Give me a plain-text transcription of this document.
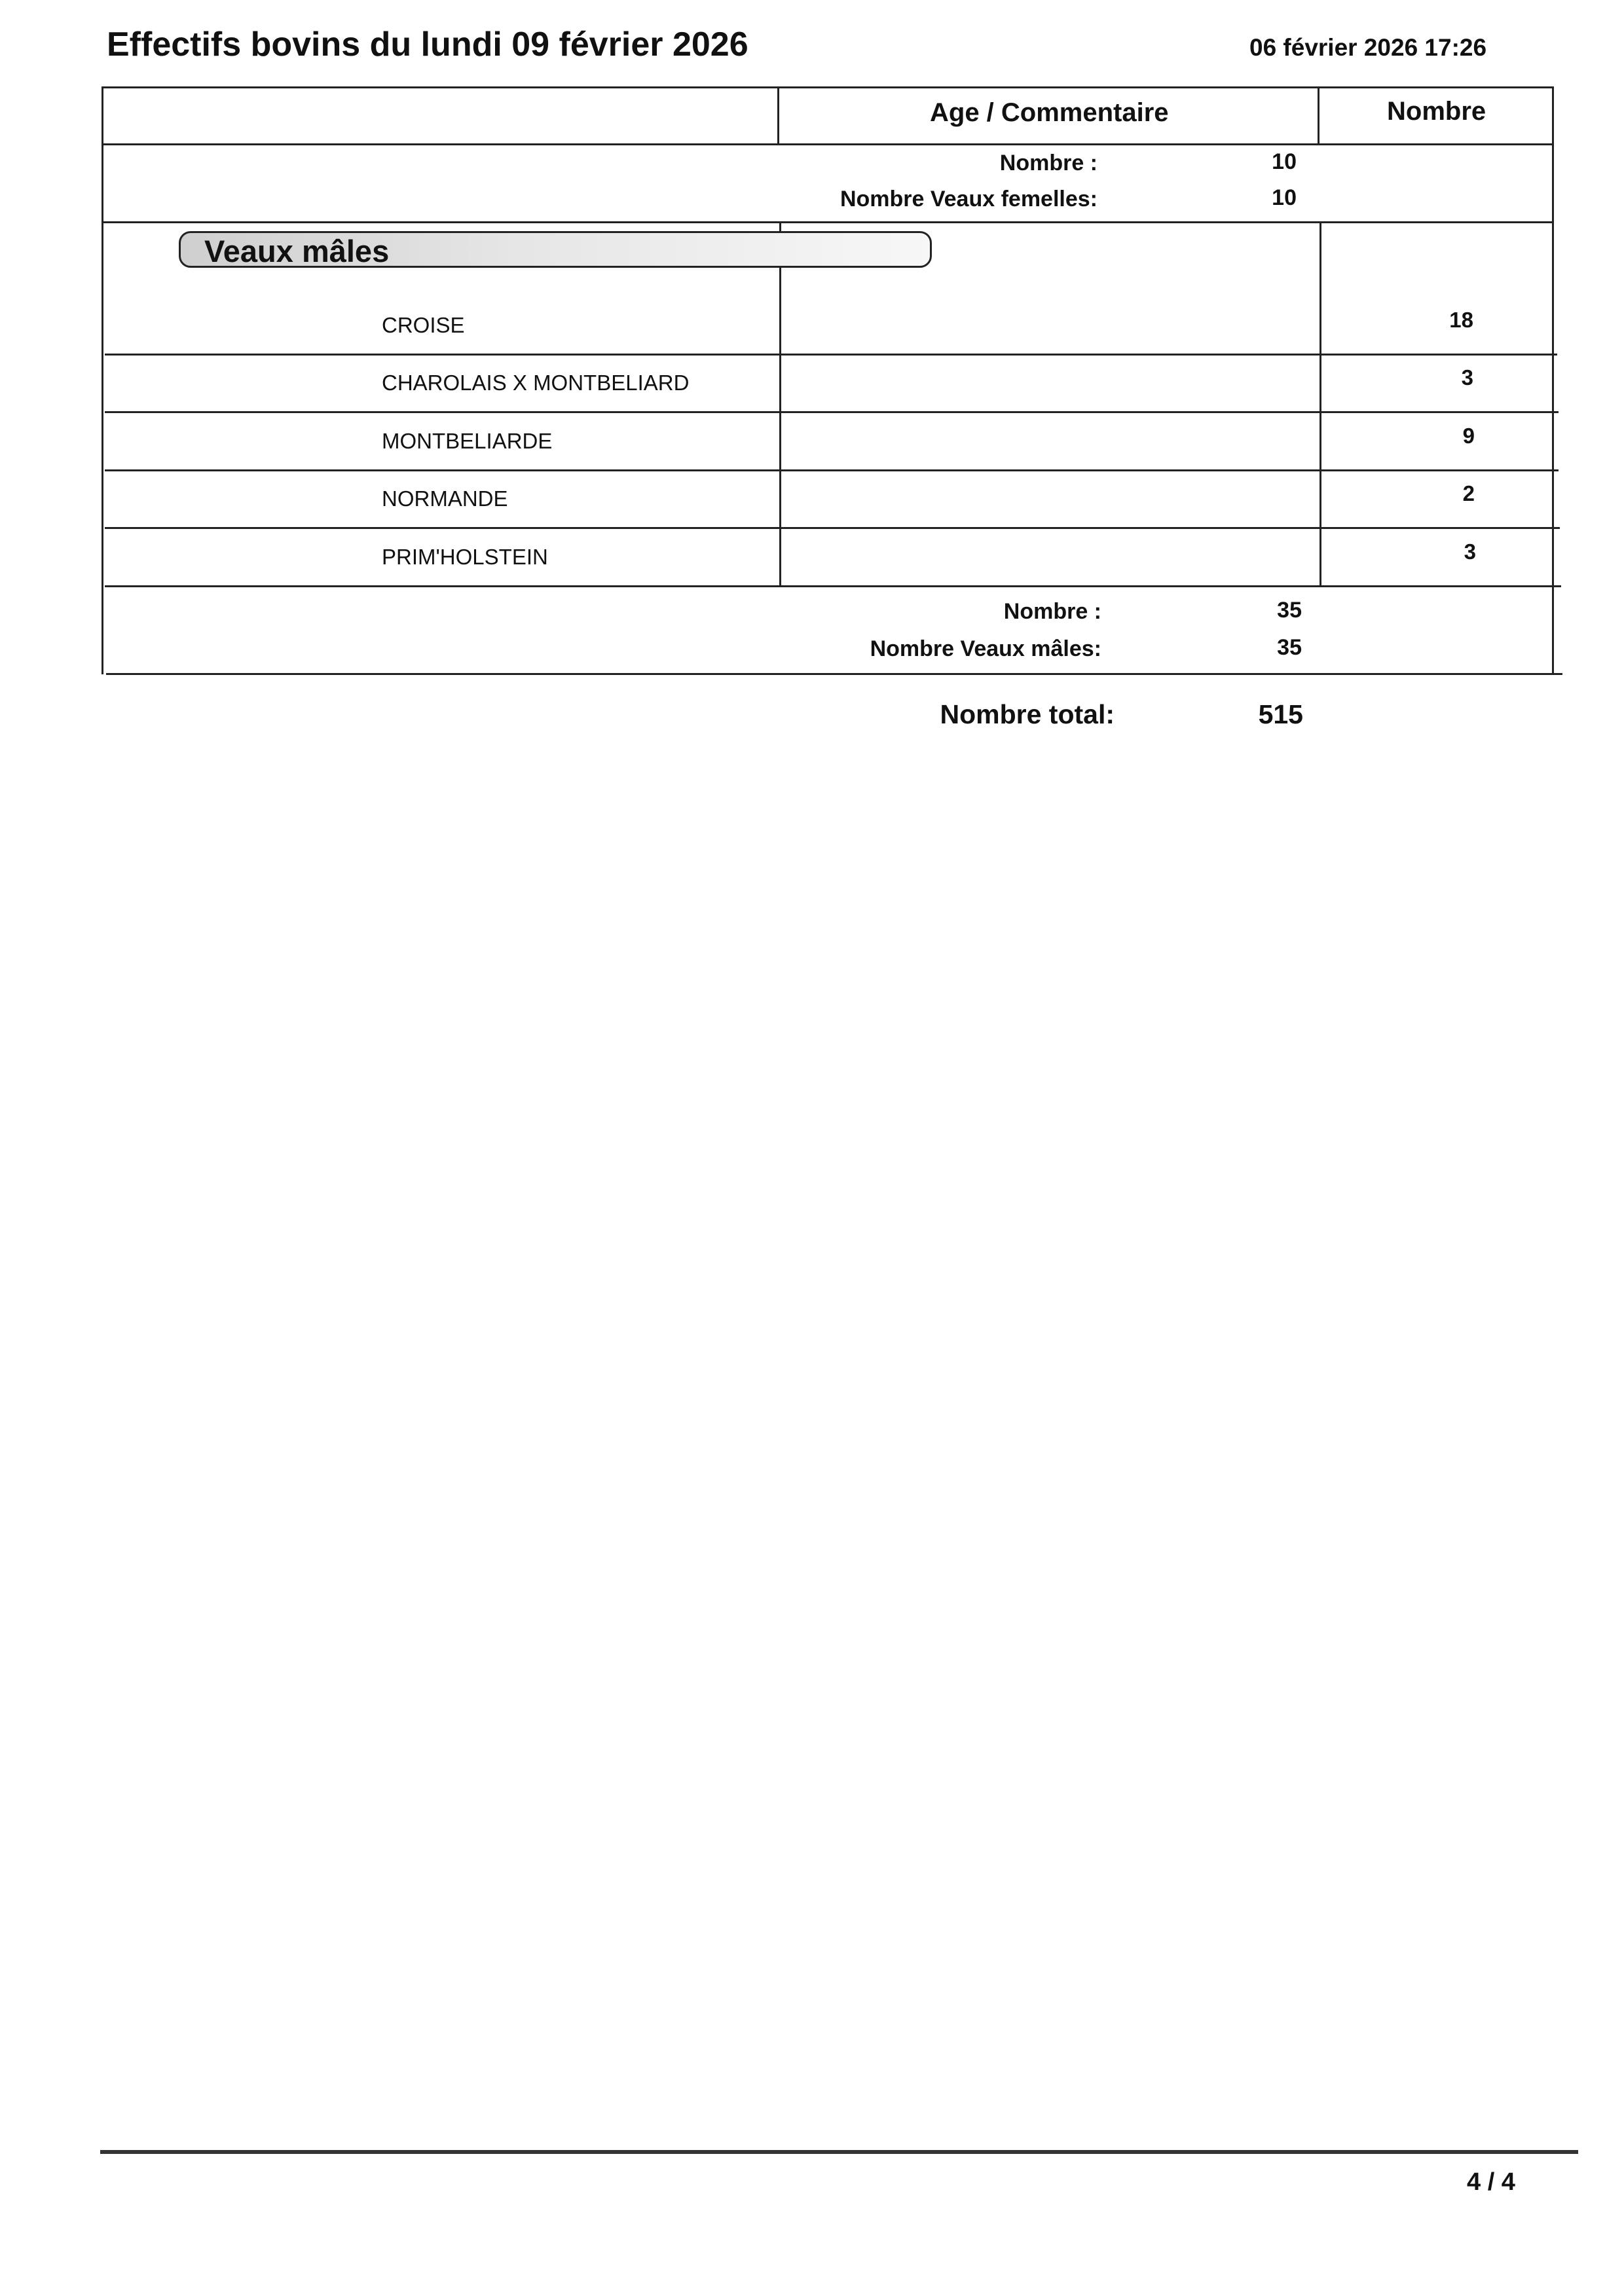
Effectifs bovins du lundi 09 février 2026	06 février 2026 17:26
Age / Commentaire	Nombre
Nombre :	10
Nombre Veaux femelles:	10
Veaux mâles
CROISE	18
CHAROLAIS X MONTBELIARD	3
MONTBELIARDE	9
NORMANDE	2
PRIM'HOLSTEIN	3
Nombre :	35
Nombre Veaux mâles:	35
Nombre total:	515
4 / 4
